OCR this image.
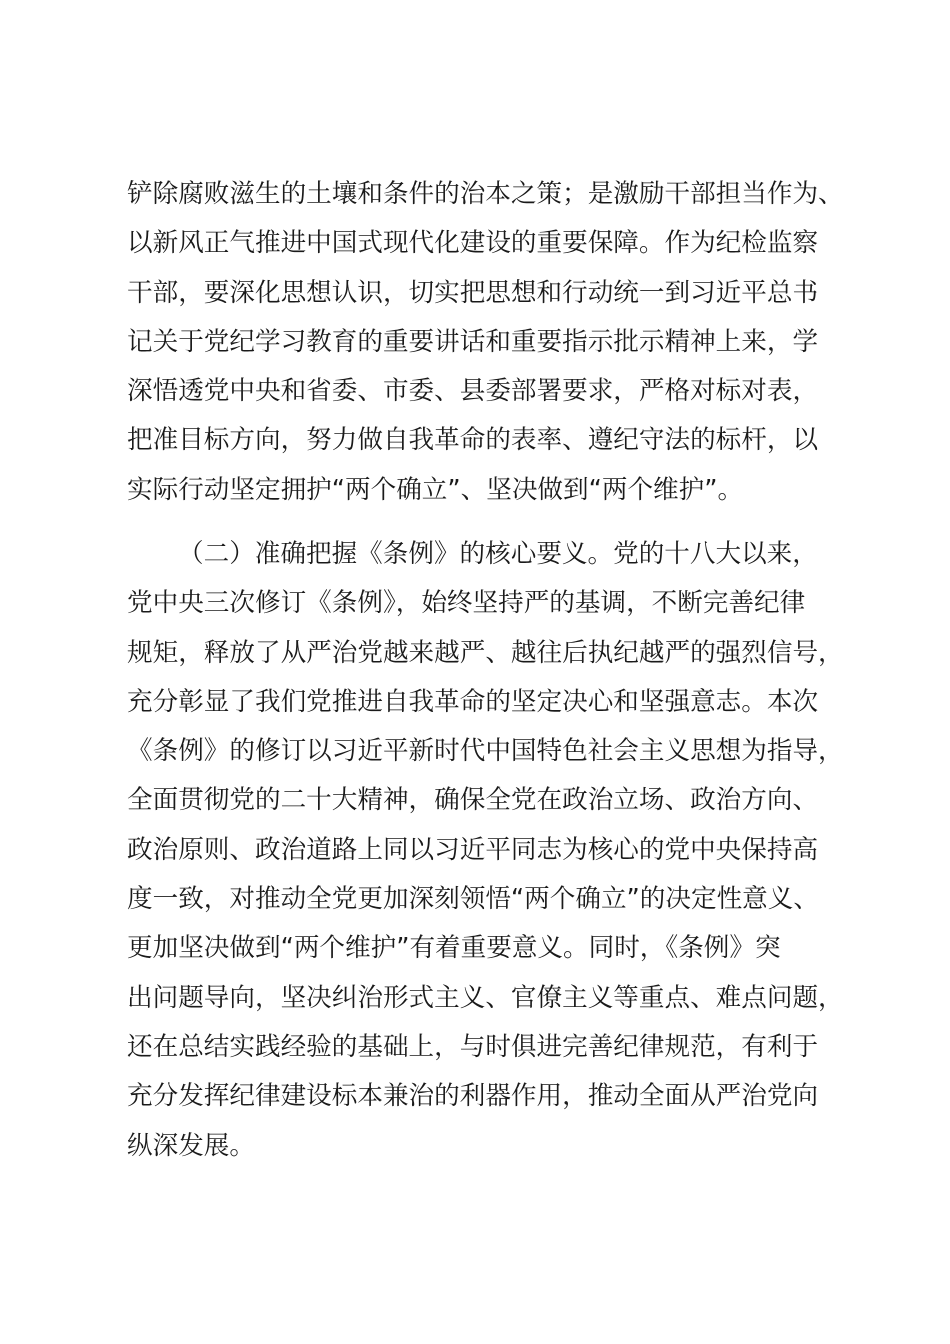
铲除腐败滋生的土壤和条件的治本之策；是激励干部担当作为、
以新风正气推进中国式现代化建设的重要保障。作为纪检监察
干部，要深化思想认识，切实把思想和行动统一到习近平总书
记关于党纪学习教育的重要讲话和重要指示批示精神上来，学
深悟透党中央和省委、市委、县委部署要求，严格对标对表，
把准目标方向，努力做自我革命的表率、遵纪守法的标杆，以
实际行动坚定拥护“两个确立”、坚决做到“两个维护”。
（二）准确把握《条例》的核心要义。党的十八大以来，
党中央三次修订《条例》，始终坚持严的基调，不断完善纪律
规矩，释放了从严治党越来越严、越往后执纪越严的强烈信号，
充分彰显了我们党推进自我革命的坚定决心和坚强意志。本次
《条例》的修订以习近平新时代中国特色社会主义思想为指导，
全面贯彻党的二十大精神，确保全党在政治立场、政治方向、
政治原则、政治道路上同以习近平同志为核心的党中央保持高
度一致，对推动全党更加深刻领悟“两个确立”的决定性意义、
更加坚决做到“两个维护”有着重要意义。同时，《条例》突
出问题导向，坚决纠治形式主义、官僚主义等重点、难点问题，
还在总结实践经验的基础上，与时俱进完善纪律规范，有利于
充分发挥纪律建设标本兼治的利器作用，推动全面从严治党向
纵深发展。
